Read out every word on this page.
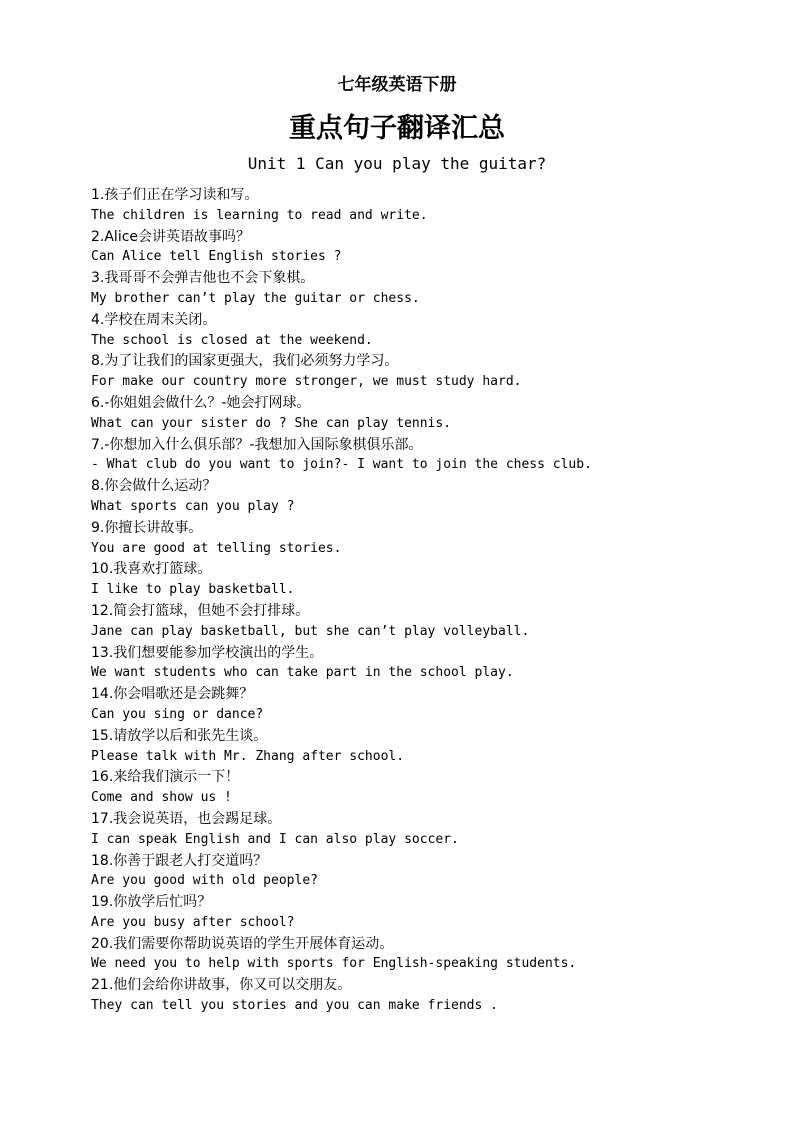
七年级英语下册
重点句子翻译汇总
Unit 1 Can you play the guitar?
1.孩子们正在学习读和写。
The children is learning to read and write.
2.Alice会讲英语故事吗？
Can Alice tell English stories ?
3.我哥哥不会弹吉他也不会下象棋。
My brother can’t play the guitar or chess.
4.学校在周末关闭。
The school is closed at the weekend.
8.为了让我们的国家更强大，我们必须努力学习。
For make our country more stronger, we must study hard.
6.-你姐姐会做什么？-她会打网球。
What can your sister do ? She can play tennis.
7.-你想加入什么俱乐部？-我想加入国际象棋俱乐部。
- What club do you want to join?- I want to join the chess club.
8.你会做什么运动？
What sports can you play ?
9.你擅长讲故事。
You are good at telling stories.
10.我喜欢打篮球。
I like to play basketball.
12.简会打篮球，但她不会打排球。
Jane can play basketball, but she can’t play volleyball.
13.我们想要能参加学校演出的学生。
We want students who can take part in the school play.
14.你会唱歌还是会跳舞？
Can you sing or dance?
15.请放学以后和张先生谈。
Please talk with Mr. Zhang after school.
16.来给我们演示一下！
Come and show us !
17.我会说英语，也会踢足球。
I can speak English and I can also play soccer.
18.你善于跟老人打交道吗？
Are you good with old people?
19.你放学后忙吗？
Are you busy after school?
20.我们需要你帮助说英语的学生开展体育运动。
We need you to help with sports for English-speaking students.
21.他们会给你讲故事，你又可以交朋友。
They can tell you stories and you can make friends .
